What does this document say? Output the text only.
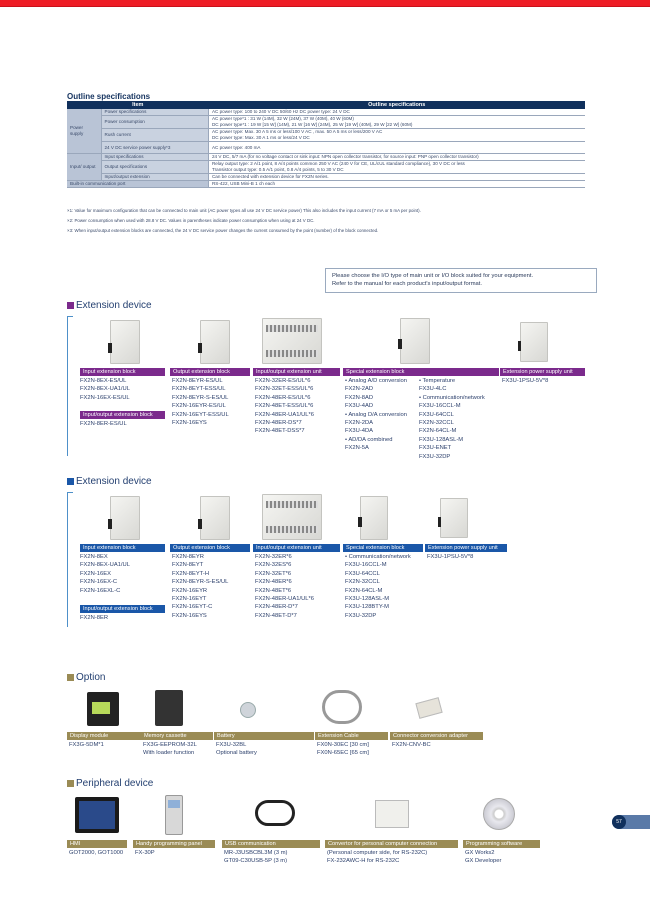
Outline specifications
Item		Outline specifications
Power supply	Power specifications	AC power type: 100 to 240 V DC 50/60 Hz DC power type: 24 V DC
	Power consumption	AC power type*1 : 31 W (14M), 32 W (24M), 37 W (40M), 40 W (60M)
DC power type*1 : 19 W [15 W] (14M), 21 W [16 W] (24M), 25 W [19 W] (40M), 29 W [22 W] (60M)

	Rush current	AC power type: Max. 30 A 5 ms or less/100 V AC , max. 50 A 5 ms or less/200 V AC
DC power type: Max. 30 A 1 ms or less/24 V DC

	24 V DC service power supply*3	AC power type: 400 mA
Input/ output	Input specifications	24 V DC, 5/7 mA (for no voltage contact or sink input: NPN open collector transistor, for source input: PNP open collector transistor)
	Output specifications	Relay output type: 2 A/1 point, 8 A/4 points common 250 V AC (240 V for CE, UL/cUL standard compliance), 30 V DC or less
Transistor output type: 0.5 A/1 point, 0.8 A/4 points, 5 to 30 V DC

	Input/output extension	Can be connected with extension device for FX2N series.
Built-in communication port		RS-422, USB Mini-B 1 ch each
×1: Value for maximum configuration that can be connected to main unit (AC power types all use 24 V DC service power) This also includes the input current (7 mA or 5 mA per point).
×2: Power consumption when used with 28.8 V DC. Values in parentheses indicate power consumption when using at 24 V DC.
×3: When input/output extension blocks are connected, the 24 V DC service power changes the current consumed by the point (number) of the block connected.
Please choose the I/O type of main unit or I/O block suited for your equipment.
Refer to the manual for each product's input/output format.
Extension device
Input extension block
FX2N-8EX-ES/UL
FX2N-8EX-UA1/UL
FX2N-16EX-ES/UL
Input/output extension block
FX2N-8ER-ES/UL
Output extension block
FX2N-8EYR-ES/UL
FX2N-8EYT-ESS/UL
FX2N-8EYR-S-ES/UL
FX2N-16EYR-ES/UL
FX2N-16EYT-ESS/UL
FX2N-16EYS
Input/output extension unit
FX2N-32ER-ES/UL*6
FX2N-32ET-ESS/UL*6
FX2N-48ER-ES/UL*6
FX2N-48ET-ESS/UL*6
FX2N-48ER-UA1/UL*6
FX2N-48ER-DS*7
FX2N-48ET-DSS*7
Special extension block
• Analog A/D conversion
FX2N-2AD
FX2N-8AD
FX3U-4AD
• Analog D/A conversion
FX2N-2DA
FX3U-4DA
• AD/DA combined
FX2N-5A
• Temperature
FX3U-4LC
• Communication/network
FX3U-16CCL-M
FX3U-64CCL
FX2N-32CCL
FX2N-64CL-M
FX3U-128ASL-M
FX3U-ENET
FX3U-32DP
Extension power supply unit
FX3U-1PSU-5V*8
Extension device
Input extension block
FX2N-8EX
FX2N-8EX-UA1/UL
FX2N-16EX
FX2N-16EX-C
FX2N-16EXL-C
Input/output extension block
FX2N-8ER
Output extension block
FX2N-8EYR
FX2N-8EYT
FX2N-8EYT-H
FX2N-8EYR-S-ES/UL
FX2N-16EYR
FX2N-16EYT
FX2N-16EYT-C
FX2N-16EYS
Input/output extension unit
FX2N-32ER*6
FX2N-32ES*6
FX2N-32ET*6
FX2N-48ER*6
FX2N-48ET*6
FX2N-48ER-UA1/UL*6
FX2N-48ER-D*7
FX2N-48ET-D*7
Special extension block
• Communication/network
FX3U-16CCL-M
FX3U-64CCL
FX2N-32CCL
FX2N-64CL-M
FX3U-128ASL-M
FX3U-128BTY-M
FX3U-32DP
Extension power supply unit
FX3U-1PSU-5V*8
Option
Display module
FX3G-5DM*1
Memory cassette
FX3G-EEPROM-32L
With loader function
Battery
FX3U-32BL
Optional battery
Extension Cable
FX0N-30EC [30 cm]
FX0N-65EC [65 cm]
Connector conversion adapter
FX2N-CNV-BC
Peripheral device
HMI
GOT2000, GOT1000
Handy programming panel
FX-30P
USB communication
MR-J3USBCBL3M (3 m)
GT09-C30USB-5P (3 m)
Convertor for personal computer connection
(Personal computer side, for RS-232C)
FX-232AWC-H for RS-232C
Programming software
GX Works2
GX Developer
57
